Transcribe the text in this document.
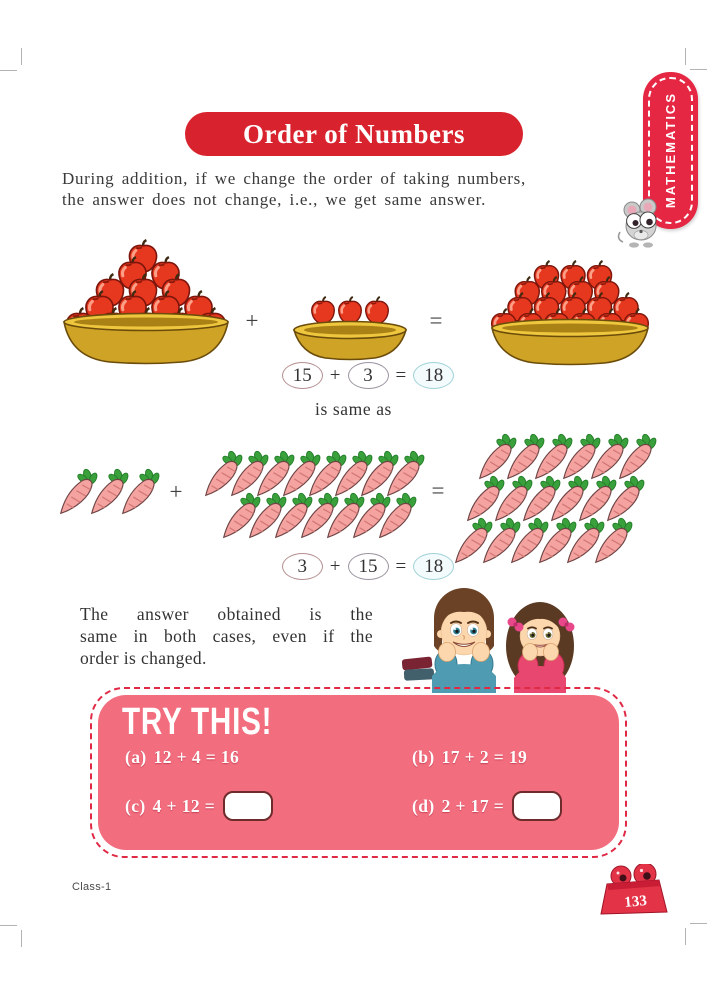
MATHEMATICS
Order of Numbers
During addition, if we change the order of taking numbers,
the answer does not change, i.e., we get same answer.
+	=
15 +	3	= 18
is same as
+	=
3	+ 15 = 18
The answer obtained is the
same in both cases, even if the
order is changed.
TRY THIS!
(a) 12 + 4 = 16	(b) 17 + 2 = 19
(c) 4 + 12 =	(d) 2 + 17 =
Class-1
133
